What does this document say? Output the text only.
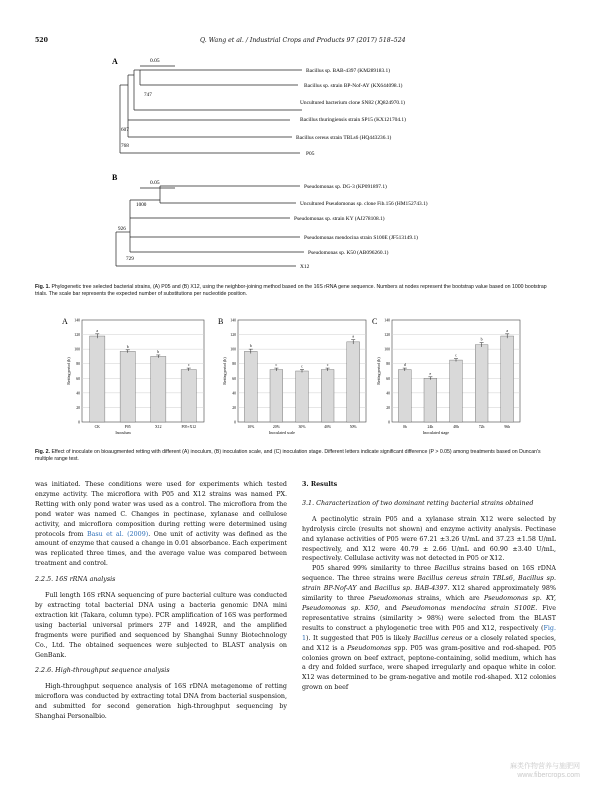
520	Q. Wang et al. / Industrial Crops and Products 97 (2017) 518–524
A	0.05
Bacillus sp. BAB-4397 (KM289183.1)
Bacillus sp. strain BP-Nof-AY (KX644098.1)
Uncultured bacterium clone SN82 (JQ824970.1)
Bacillus thuringiensis strain SP15 (KX121704.1)
Bacillus cereus strain TBLs6 (HQ443236.1)
P05
747
607
768
B
0.05
Pseudomonas sp. DG-3 (KP091897.1)
Uncultured Pseudomonas sp. clone Fib.156 (HM152743.1)
Pseudomonas sp. strain KY (AJ278108.1)
Pseudomonas mendocina strain S100E (JF513149.1)
Pseudomonas sp. K50 (AB096260.1)
X12
1000
926
729
Fig. 1. Phylogenetic tree selected bacterial strains, (A) P05 and (B) X12, using the neighbor-joining method based on the 16S rRNA gene sequence. Numbers at nodes represent the bootstrap value based on 1000 bootstrap trials. The scale bar represents the expected number of substitutions per nucleotide position.
A
0
20
40
60
80
100
120
140
Retting period (h)
a
CK
b
P05
b
X12
c
P05+X12
Inoculum
B
0
20
40
60
80
100
120
140
Retting period (h)
b
10%
c
20%
c
30%
c
40%
a
50%
Inoculated scale
C
0
20
40
60
80
100
120
140
Retting period (h)	d
0h
e
24h
c
48h
b
72h
a
96h
Inoculated stage
Fig. 2. Effect of inoculate on bioaugmented retting with different (A) inoculum, (B) inoculation scale, and (C) inoculation stage. Different letters indicate significant difference (P > 0.05) among treatments based on Duncan's multiple range test.

was initiated. These conditions were used for experiments which tested enzyme activity. The microflora with P05 and X12 strains was named PX. Retting with only pond water was used as a control. The microflora from the pond water was named C. Changes in pectinase, xylanase and cellulose activity, and microflora composition during retting were determined using protocols from Basu et al. (2009). One unit of activity was defined as the amount of enzyme that caused a change in 0.01 absorbance. Each experiment was replicated three times, and the average value was compared between treatment and control.

2.2.5. 16S rRNA analysis

Full length 16S rRNA sequencing of pure bacterial culture was conducted by extracting total bacterial DNA using a bacteria genomic DNA mini extraction kit (Takara, column type). PCR amplification of 16S was performed using bacterial universal primers 27F and 1492R, and the amplified fragments were purified and sequenced by Shanghai Sunny Biotechnology Co., Ltd. The obtained sequences were subjected to BLAST analysis on GenBank.

2.2.6. High-throughput sequence analysis

High-throughput sequence analysis of 16S rDNA metagenome of retting microflora was conducted by extracting total DNA from bacterial suspension, and submitted for second generation high-throughput sequencing by Shanghai Personalbio.

3. Results

3.1. Characterization of two dominant retting bacterial strains obtained

A pectinolytic strain P05 and a xylanase strain X12 were selected by hydrolysis circle (results not shown) and enzyme activity analysis. Pectinase and xylanase activities of P05 were 67.21 ±3.26 U/mL and 37.23 ±1.58 U/mL respectively, and X12 were 40.79 ± 2.66 U/mL and 60.90 ±3.40 U/mL, respectively. Cellulase activity was not detected in P05 or X12.

P05 shared 99% similarity to three Bacillus strains based on 16S rDNA sequence. The three strains were Bacillus cereus strain TBLs6, Bacillus sp. strain BP-Nof-AY and Bacillus sp. BAB-4397. X12 shared approximately 98% similarity to three Pseudomonas strains, which are Pseudomonas sp. KY, Pseudomonas sp. K50, and Pseudomonas mendocina strain S100E. Five representative strains (similarity > 98%) were selected from the BLAST results to construct a phylogenetic tree with P05 and X12, respectively (Fig. 1). It suggested that P05 is likely Bacillus cereus or a closely related species, and X12 is a Pseudomonas spp. P05 was gram-positive and rod-shaped. P05 colonies grown on beef extract, peptone-containing, solid medium, which has a dry and folded surface, were shaped irregularly and opaque white in color. X12 was determined to be gram-negative and motile rod-shaped. X12 colonies grown on beef

麻类作物营养与施肥网
www.fibercrops.com
